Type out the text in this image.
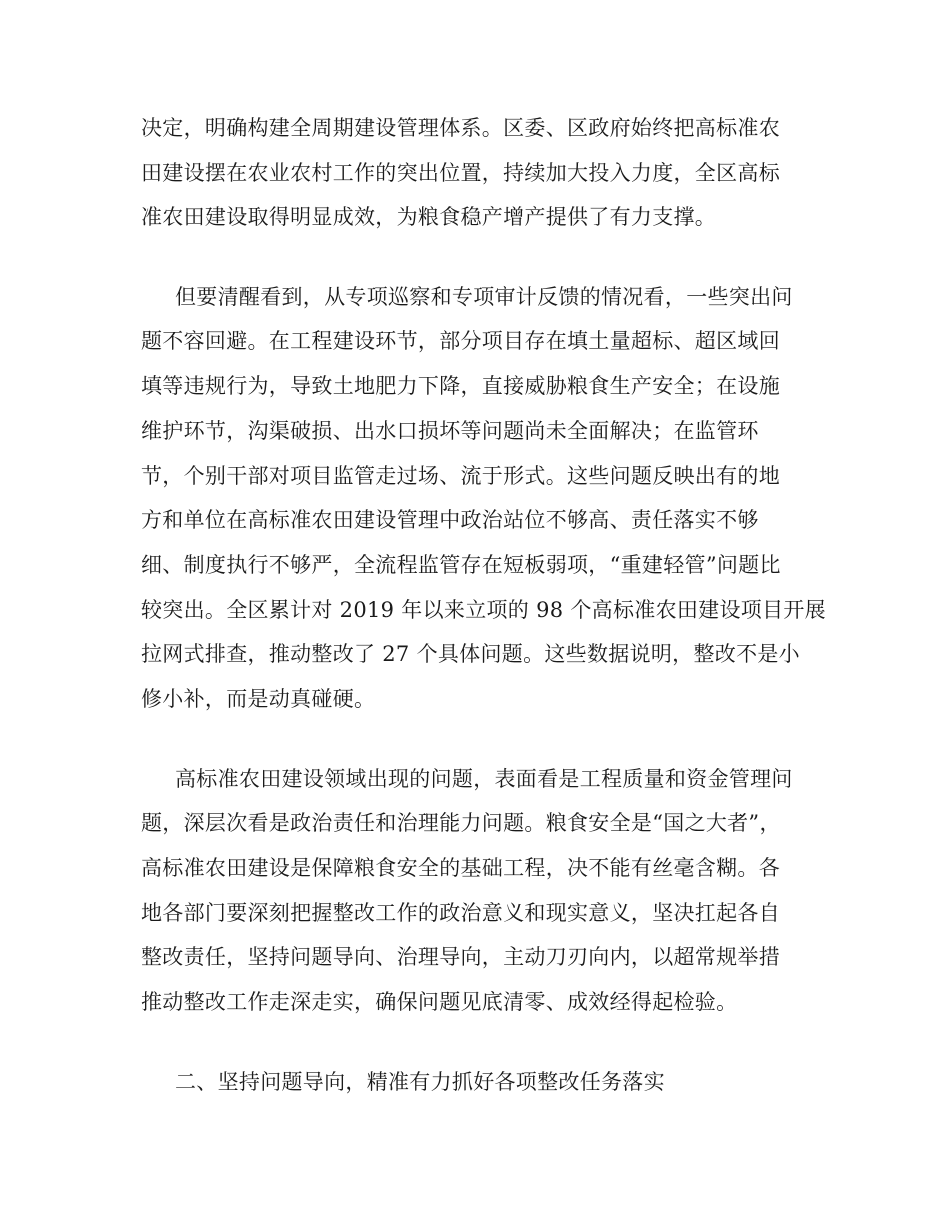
决定，明确构建全周期建设管理体系。区委、区政府始终把高标准农
田建设摆在农业农村工作的突出位置，持续加大投入力度，全区高标
准农田建设取得明显成效，为粮食稳产增产提供了有力支撑。
但要清醒看到，从专项巡察和专项审计反馈的情况看，一些突出问
题不容回避。在工程建设环节，部分项目存在填土量超标、超区域回
填等违规行为，导致土地肥力下降，直接威胁粮食生产安全；在设施
维护环节，沟渠破损、出水口损坏等问题尚未全面解决；在监管环
节，个别干部对项目监管走过场、流于形式。这些问题反映出有的地
方和单位在高标准农田建设管理中政治站位不够高、责任落实不够
细、制度执行不够严，全流程监管存在短板弱项，“重建轻管”问题比
较突出。全区累计对 2019 年以来立项的 98 个高标准农田建设项目开展
拉网式排查，推动整改了 27 个具体问题。这些数据说明，整改不是小
修小补，而是动真碰硬。
高标准农田建设领域出现的问题，表面看是工程质量和资金管理问
题，深层次看是政治责任和治理能力问题。粮食安全是“国之大者”，
高标准农田建设是保障粮食安全的基础工程，决不能有丝毫含糊。各
地各部门要深刻把握整改工作的政治意义和现实意义，坚决扛起各自
整改责任，坚持问题导向、治理导向，主动刀刃向内，以超常规举措
推动整改工作走深走实，确保问题见底清零、成效经得起检验。
二、坚持问题导向，精准有力抓好各项整改任务落实
